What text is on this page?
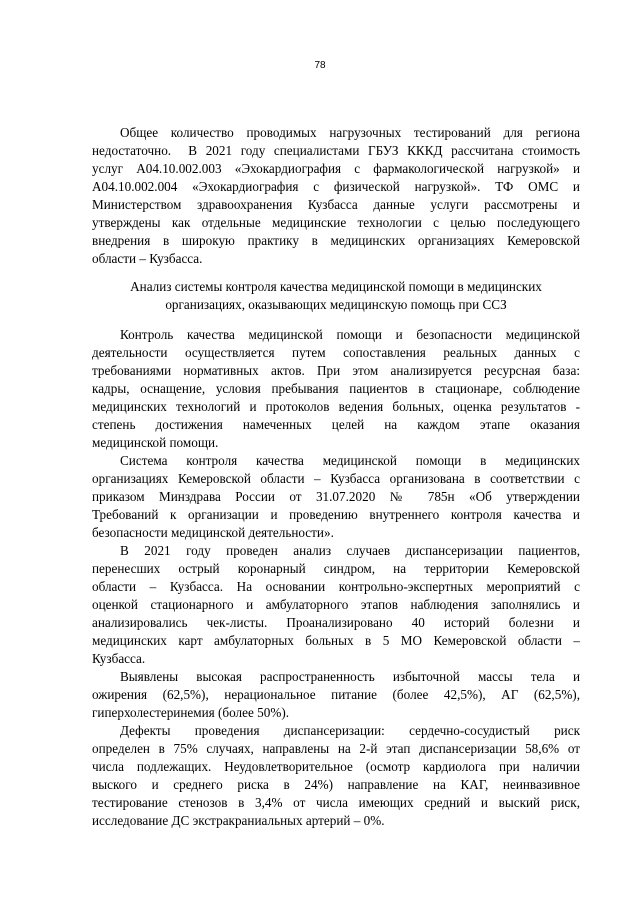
78
Общее количество проводимых нагрузочных тестирований для региона
недостаточно.  В 2021 году специалистами ГБУЗ КККД рассчитана стоимость
услуг А04.10.002.003 «Эхокардиография с фармакологической нагрузкой» и
А04.10.002.004 «Эхокардиография с физической нагрузкой». ТФ ОМС и
Министерством здравоохранения Кузбасса данные услуги рассмотрены и
утверждены как отдельные медицинские технологии с целью последующего
внедрения в широкую практику в медицинских организациях Кемеровской
области – Кузбасса.
Анализ системы контроля качества медицинской помощи в медицинских
организациях, оказывающих медицинскую помощь при ССЗ
Контроль качества медицинской помощи и безопасности медицинской
деятельности осуществляется путем сопоставления реальных данных с
требованиями нормативных актов. При этом анализируется ресурсная база:
кадры, оснащение, условия пребывания пациентов в стационаре, соблюдение
медицинских технологий и протоколов ведения больных, оценка результатов -
степень достижения намеченных целей на каждом этапе оказания
медицинской помощи.
Система контроля качества медицинской помощи в медицинских
организациях Кемеровской области – Кузбасса организована в соответствии с
приказом Минздрава России от 31.07.2020 № 785н «Об утверждении
Требований к организации и проведению внутреннего контроля качества и
безопасности медицинской деятельности».
В 2021 году проведен анализ случаев диспансеризации пациентов,
перенесших острый коронарный синдром, на территории Кемеровской
области – Кузбасса. На основании контрольно-экспертных мероприятий с
оценкой стационарного и амбулаторного этапов наблюдения заполнялись и
анализировались чек-листы. Проанализировано 40 историй болезни и
медицинских карт амбулаторных больных в 5 МО Кемеровской области –
Кузбасса.
Выявлены высокая распространенность избыточной массы тела и
ожирения (62,5%), нерациональное питание (более 42,5%), АГ (62,5%),
гиперхолестеринемия (более 50%).
Дефекты проведения диспансеризации: сердечно-сосудистый риск
определен в 75% случаях, направлены на 2-й этап диспансеризации 58,6% от
числа подлежащих. Неудовлетворительное (осмотр кардиолога при наличии
выского и среднего риска в 24%) направление на КАГ, неинвазивное
тестирование стенозов в 3,4% от числа имеющих средний и выский риск,
исследование ДС экстракраниальных артерий – 0%.
